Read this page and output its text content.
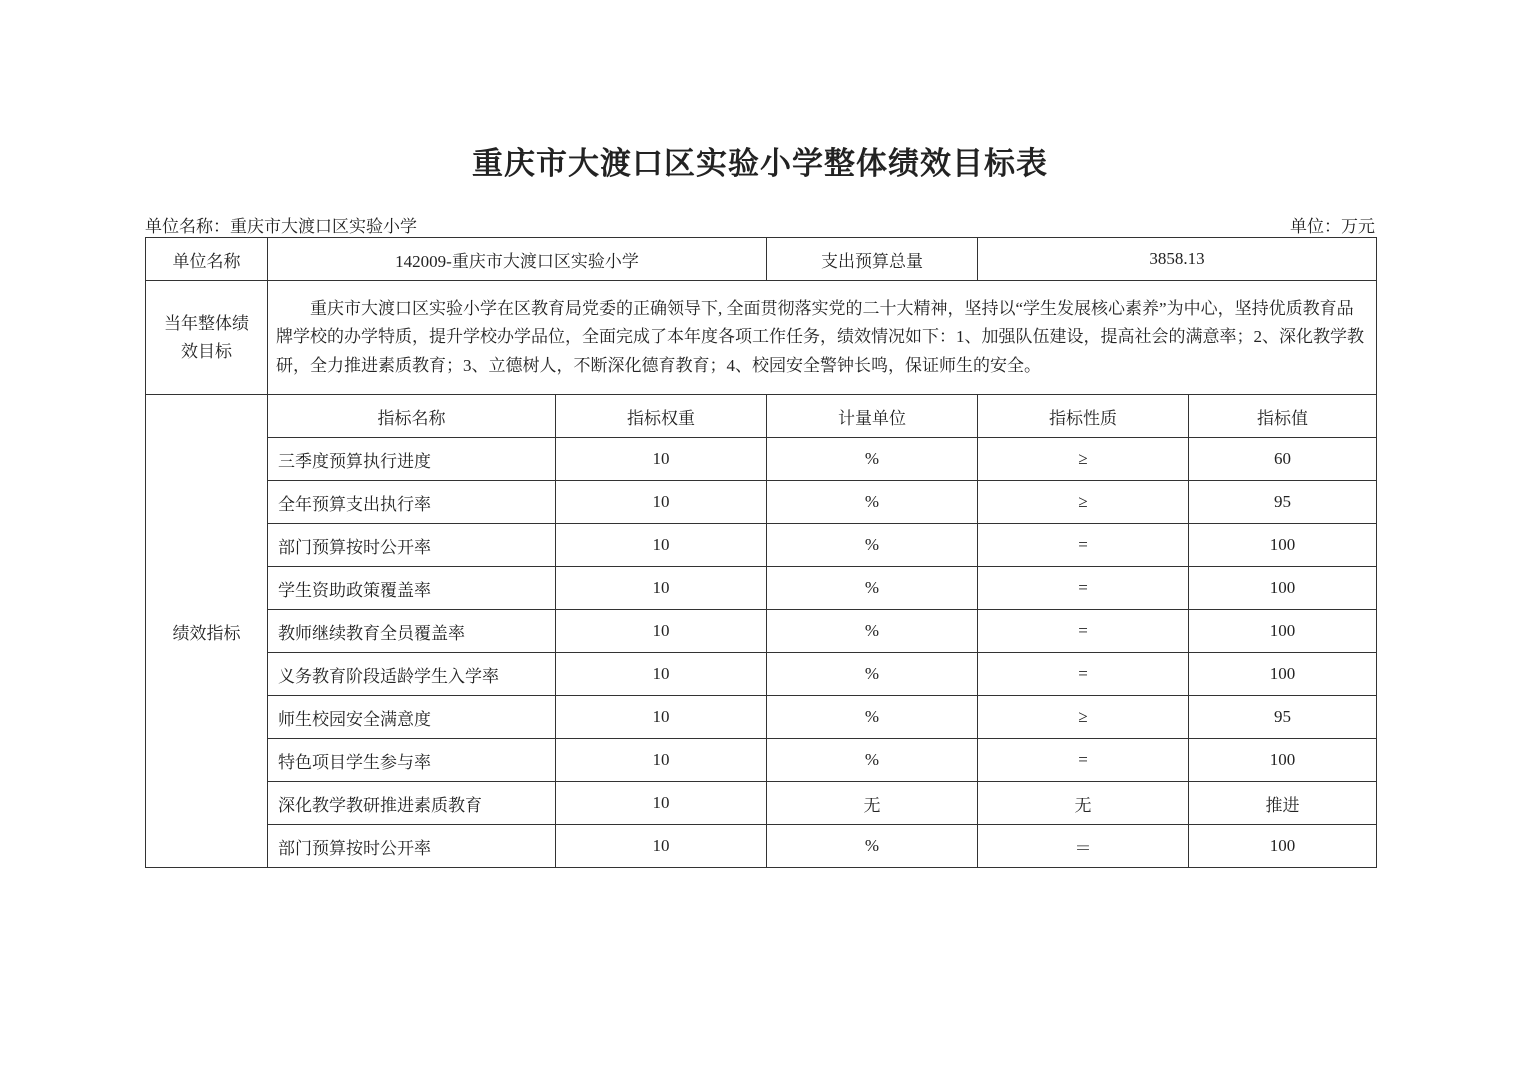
重庆市大渡口区实验小学整体绩效目标表
单位名称：重庆市大渡口区实验小学	单位：万元
单位名称	142009-重庆市大渡口区实验小学		支出预算总量	3858.13	
当年整体绩效目标	重庆市大渡口区实验小学在区教育局党委的正确领导下, 全面贯彻落实党的二十大精神，坚持以“学生发展核心素养”为中心，坚持优质教育品牌学校的办学特质，提升学校办学品位，全面完成了本年度各项工作任务，绩效情况如下：1、加强队伍建设，提高社会的满意率；2、深化教学教研，全力推进素质教育；3、立德树人，不断深化德育教育；4、校园安全警钟长鸣，保证师生的安全。				
绩效指标	指标名称	指标权重	计量单位	指标性质	指标值
	三季度预算执行进度	10	%	≥	60
	全年预算支出执行率	10	%	≥	95
	部门预算按时公开率	10	%	=	100
	学生资助政策覆盖率	10	%	=	100
	教师继续教育全员覆盖率	10	%	=	100
	义务教育阶段适龄学生入学率	10	%	=	100
	师生校园安全满意度	10	%	≥	95
	特色项目学生参与率	10	%	=	100
	深化教学教研推进素质教育	10	无	无	推进
	部门预算按时公开率	10	%	＝	100
